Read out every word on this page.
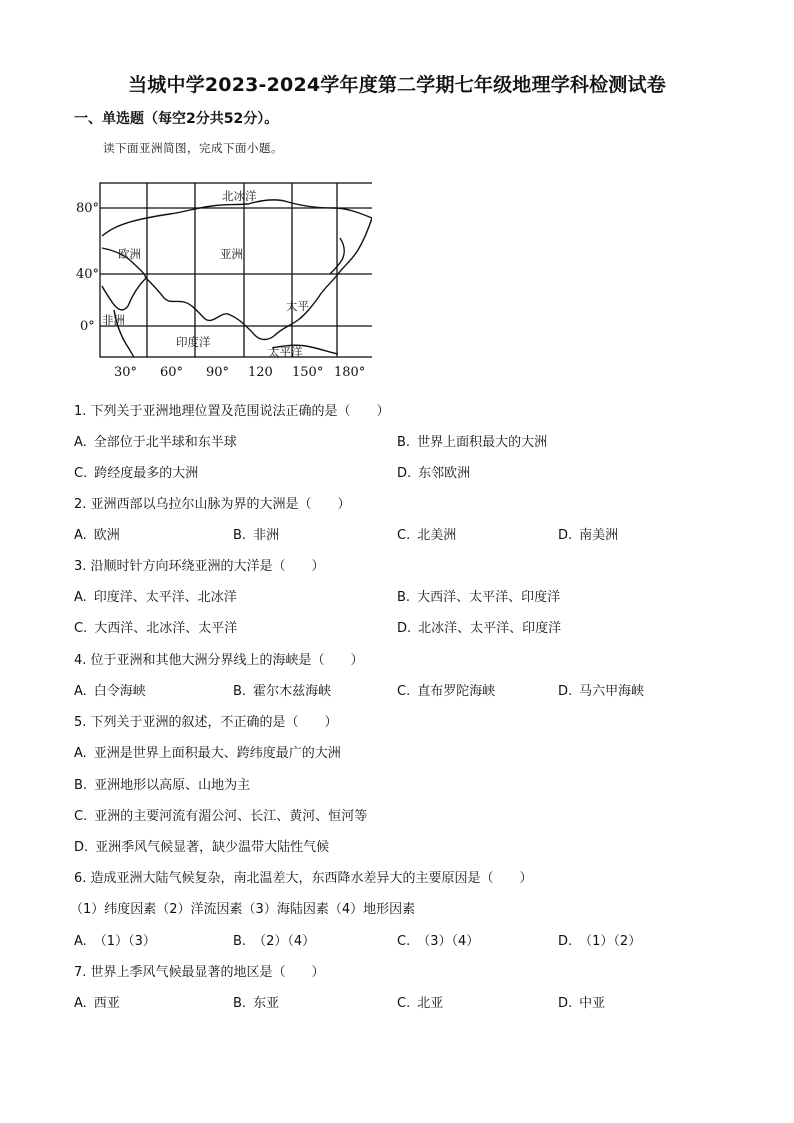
当城中学2023-2024学年度第二学期七年级地理学科检测试卷
一、单选题（每空2分共52分）。
读下面亚洲简图，完成下面小题。
80°
40°
0°
30° 60° 90° 120 150° 180°
北冰洋
欧洲	亚洲
太平
非洲
印度洋
太平洋
1. 下列关于亚洲地理位置及范围说法正确的是（　　）
A. 全部位于北半球和东半球	B. 世界上面积最大的大洲
C. 跨经度最多的大洲	D. 东邻欧洲
2. 亚洲西部以乌拉尔山脉为界的大洲是（　　）
A. 欧洲	B. 非洲	C. 北美洲	D. 南美洲
3. 沿顺时针方向环绕亚洲的大洋是（　　）
A. 印度洋、太平洋、北冰洋	B. 大西洋、太平洋、印度洋
C. 大西洋、北冰洋、太平洋	D. 北冰洋、太平洋、印度洋
4. 位于亚洲和其他大洲分界线上的海峡是（　　）
A. 白令海峡	B. 霍尔木兹海峡	C. 直布罗陀海峡	D. 马六甲海峡
5. 下列关于亚洲的叙述，不正确的是（　　）
A. 亚洲是世界上面积最大、跨纬度最广的大洲
B. 亚洲地形以高原、山地为主
C. 亚洲的主要河流有湄公河、长江、黄河、恒河等
D. 亚洲季风气候显著，缺少温带大陆性气候
6. 造成亚洲大陆气候复杂，南北温差大，东西降水差异大的主要原因是（　　）
（1）纬度因素（2）洋流因素（3）海陆因素（4）地形因素
A. （1）（3）	B. （2）（4）	C. （3）（4）	D. （1）（2）
7. 世界上季风气候最显著的地区是（　　）
A. 西亚	B. 东亚	C. 北亚	D. 中亚
